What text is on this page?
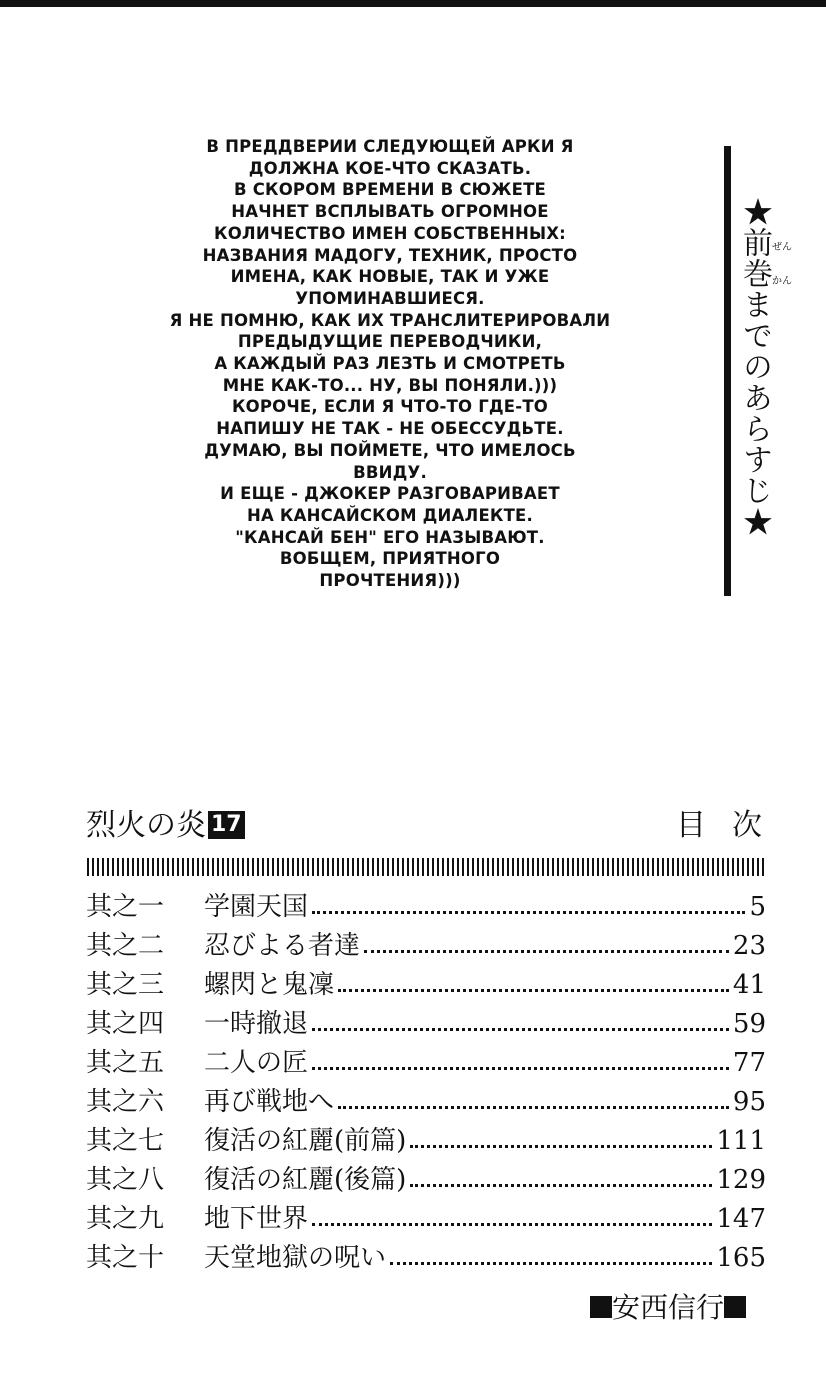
В ПРЕДДВЕРИИ СЛЕДУЮЩЕЙ АРКИ Я
ДОЛЖНА КОЕ-ЧТО СКАЗАТЬ.
В СКОРОМ ВРЕМЕНИ В СЮЖЕТЕ
НАЧНЕТ ВСПЛЫВАТЬ ОГРОМНОЕ
КОЛИЧЕСТВО ИМЕН СОБСТВЕННЫХ:
НАЗВАНИЯ МАДОГУ, ТЕХНИК, ПРОСТО
ИМЕНА, КАК НОВЫЕ, ТАК И УЖЕ
УПОМИНАВШИЕСЯ.
Я НЕ ПОМНЮ, КАК ИХ ТРАНСЛИТЕРИРОВАЛИ
ПРЕДЫДУЩИЕ ПЕРЕВОДЧИКИ,
А КАЖДЫЙ РАЗ ЛЕЗТЬ И СМОТРЕТЬ
МНЕ КАК-ТО... НУ, ВЫ ПОНЯЛИ.)))
КОРОЧЕ, ЕСЛИ Я ЧТО-ТО ГДЕ-ТО
НАПИШУ НЕ ТАК - НЕ ОБЕССУДЬТЕ.
ДУМАЮ, ВЫ ПОЙМЕТЕ, ЧТО ИМЕЛОСЬ
ВВИДУ.
И ЕЩЕ - ДЖОКЕР РАЗГОВАРИВАЕТ
НА КАНСАЙСКОМ ДИАЛЕКТЕ.
"КАНСАЙ БЕН" ЕГО НАЗЫВАЮТ.
ВОБЩЕМ, ПРИЯТНОГО
ПРОЧТЕНИЯ)))
★前巻までのあらすじ★ ぜん
かん
烈火の炎 17	目次
其之一	学園天国	5
其之二	忍びよる者達	23
其之三	螺閃と鬼凜	41
其之四	一時撤退	59
其之五	二人の匠	77
其之六	再び戦地へ	95
其之七	復活の紅麗(前篇)	111
其之八	復活の紅麗(後篇)	129
其之九	地下世界	147
其之十	天堂地獄の呪い	165
安西信行
